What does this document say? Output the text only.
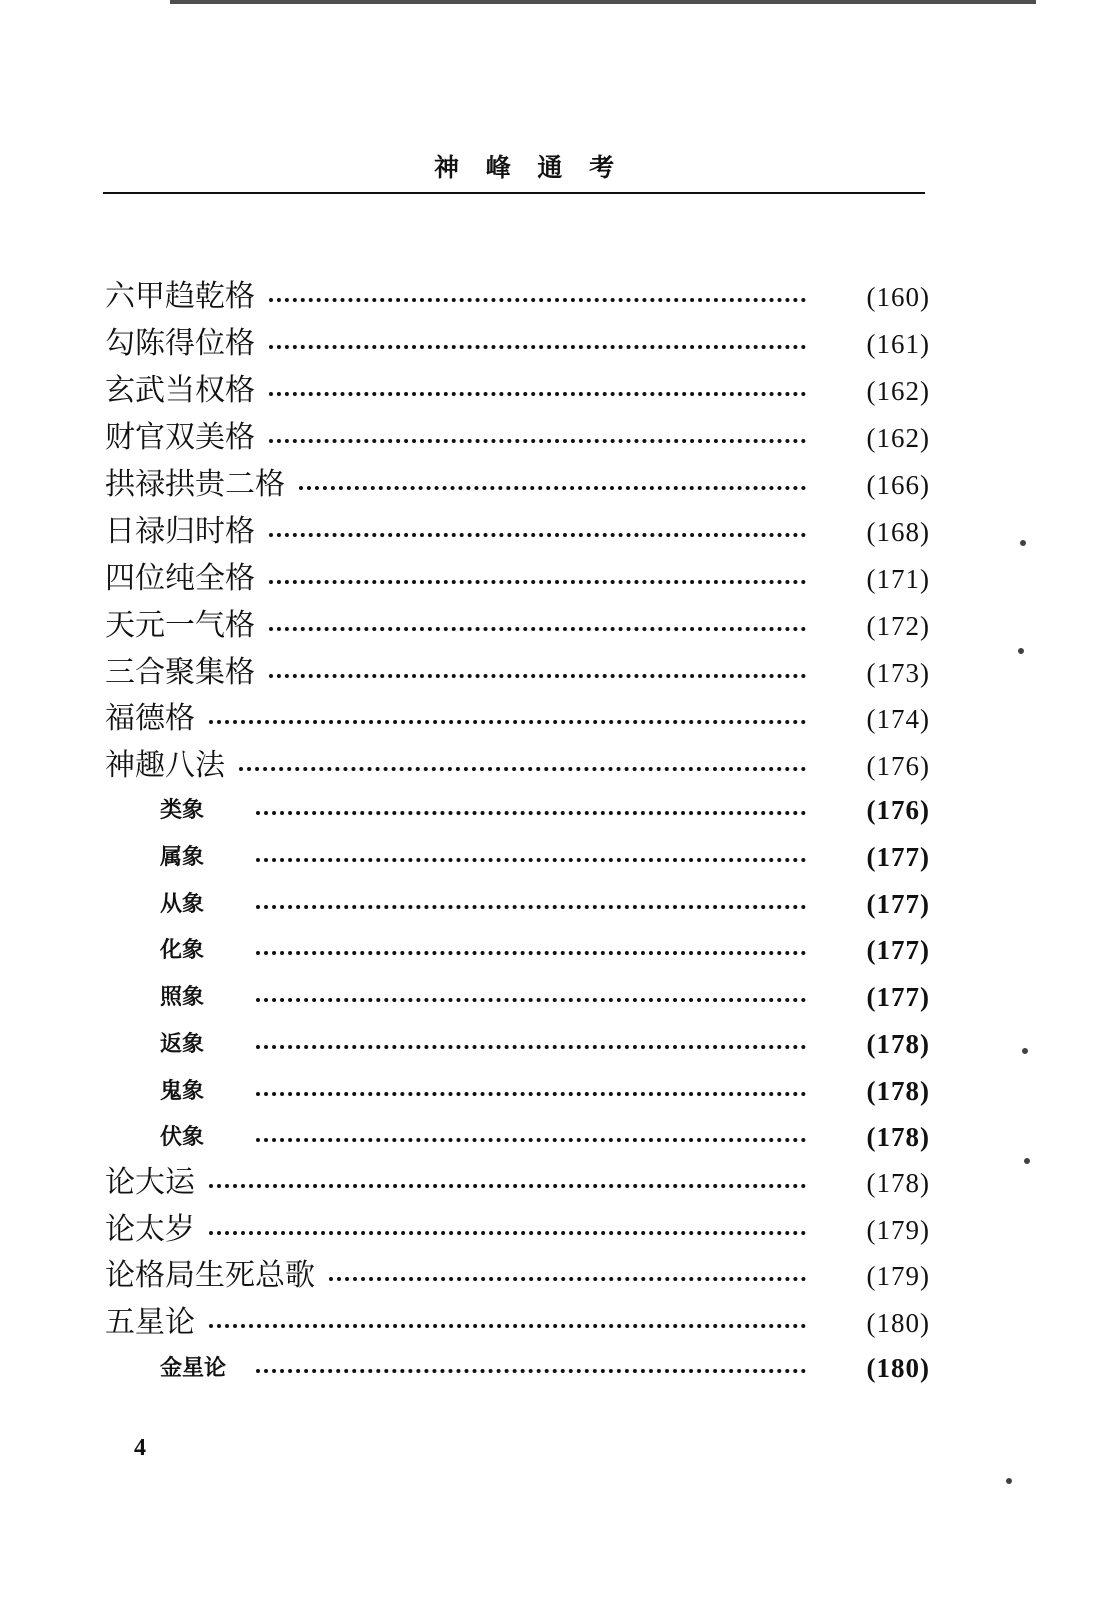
神 峰 通 考
六甲趋乾格	(160)
勾陈得位格	(161)
玄武当权格	(162)
财官双美格	(162)
拱禄拱贵二格	(166)
日禄归时格	(168)
四位纯全格	(171)
天元一气格	(172)
三合聚集格	(173)
福德格	(174)
神趣八法	(176)
类象	(176)
属象	(177)
从象	(177)
化象	(177)
照象	(177)
返象	(178)
鬼象	(178)
伏象	(178)
论大运	(178)
论太岁	(179)
论格局生死总歌	(179)
五星论	(180)
金星论	(180)
4
